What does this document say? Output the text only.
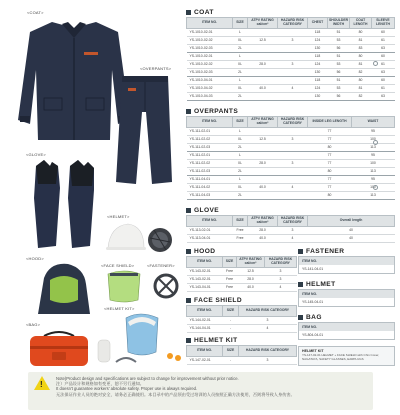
<COAT>
<OVERPANTS>
<GLOVE>
<HELMET>
<HOOD>
<FACE SHIELD>	<FASTENER>
<HELMET KIT>
<BAG>
COAT
ITEM NO.	SIZE	ATPV RATING cal/cm²	HAZARD RISK CATEGORY	CHEST	SHOULDER WIDTH	COAT LENGTH	SLEEVE LENGTH
YS-1010-02-01	L			118	51	80	60
YS-1010-02-02	XL	12.5	3	124	53	81	61
YS-1010-02-03	2L			130	56	83	63
YS-1010-02-01	L			118	51	80	60
YS-1010-02-02	XL	28.0	3	124	53	81	61
YS-1010-02-03	2L			130	56	82	63
YS-1010-04-01	L			118	51	80	60
YS-1010-04-02	XL	40.0	4	124	53	81	61
YS-1010-04-03	2L			130	56	82	63
OVERPANTS
ITEM NO.	SIZE	ATPV RATING cal/cm²	HAZARD RISK CATEGORY	INSIDE LEG LENGTH	WAIST
YS-111-02-01	L			77	95
YS-111-02-02	XL	12.5	3	77	100
YS-111-02-03	2L			80	113
YS-111-02-01	L			77	95
YS-111-02-02	XL	28.0	3	77	100
YS-111-02-03	2L			80	113
YS-111-04-01	L			77	95
YS-111-04-02	XL	40.0	4	77	100
YS-111-04-03	2L			80	113
GLOVE
ITEM NO.	SIZE	ATPV RATING cal/cm²	HAZARD RISK CATEGORY	Overall length
YS-113-02-01	Free	28.0	3	40
YS-113-04-01	Free	40.0	4	40
HOOD
ITEM NO.	SIZE	ATPV RATING cal/cm²	HAZARD RISK CATEGORY
YS-143-02-01	Free	12.5	3
YS-143-02-01	Free	28.0	3
YS-143-04-01	Free	40.0	4
FACE SHIELD
ITEM NO.	SIZE	HAZARD RISK CATEGORY
YS-144-02-01	-	3
YS-144-04-01	-	4
HELMET KIT
ITEM NO.	SIZE	HAZARD RISK CATEGORY
YS-147-02-01	-	3
FASTENER
ITEM NO.
YS-141-04-01
HELMET
ITEM NO.
YS-145-04-01
BAG
ITEM NO.
YS-804-04-01
HELMET KIT
YS-147-02-01 HELMET + FACE SHIELD with Chin Cover, NAGATAYA, SAFETY GLASSES, EARPLUGS
!

Note)Product design and specifications are subject to change for improvement without prior notice.

注）产品设计和规格如有变更，恕不另行通知。

It doesn't guarantee workers' absolute safety. Proper use is always required.

无法保证作业人员的绝对安全，请务必正确使用。本目录中的产品须由受过培训的人员按照正确方法使用，否则将导致人身伤害。
